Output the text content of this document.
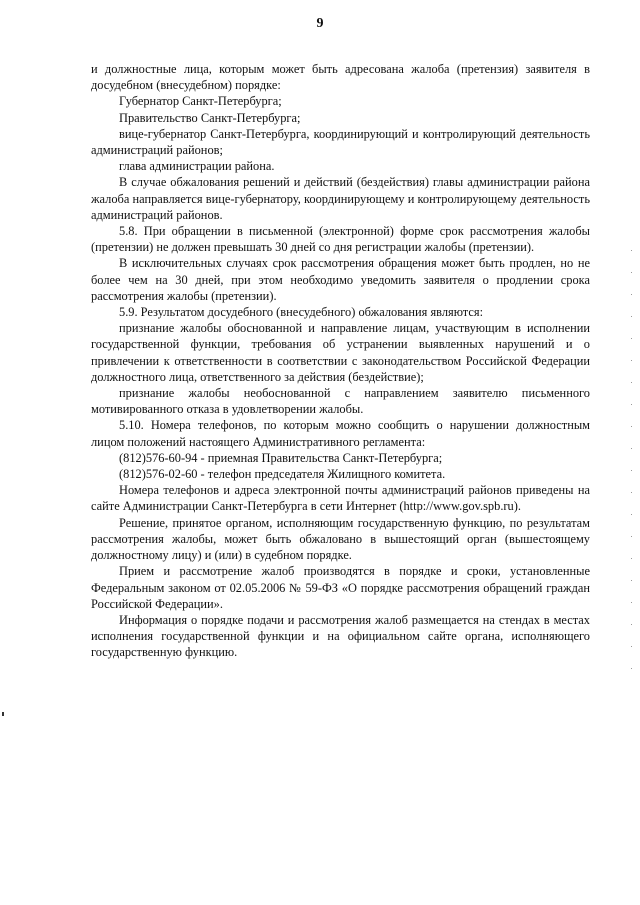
9

и должностные лица, которым может быть адресована жалоба (претензия) заявителя в досудебном (внесудебном) порядке:

Губернатор Санкт-Петербурга;

Правительство Санкт-Петербурга;

вице-губернатор Санкт-Петербурга, координирующий и контролирующий деятельность администраций районов;

глава администрации района.

В случае обжалования решений и действий (бездействия) главы администрации района жалоба направляется вице-губернатору, координирующему и контролирующему деятельность администраций районов.

5.8. При обращении в письменной (электронной) форме срок рассмотрения жалобы (претензии) не должен превышать 30 дней со дня регистрации жалобы (претензии).

В исключительных случаях срок рассмотрения обращения может быть продлен, но не более чем на 30 дней, при этом необходимо уведомить заявителя о продлении срока рассмотрения жалобы (претензии).

5.9. Результатом досудебного (внесудебного) обжалования являются:

признание жалобы обоснованной и направление лицам, участвующим в исполнении государственной функции, требования об устранении выявленных нарушений и о привлечении к ответственности в соответствии с законодательством Российской Федерации должностного лица, ответственного за действия (бездействие);

признание жалобы необоснованной с направлением заявителю письменного мотивированного отказа в удовлетворении жалобы.

5.10. Номера телефонов, по которым можно сообщить о нарушении должностным лицом положений настоящего Административного регламента:

(812)576-60-94 - приемная Правительства Санкт-Петербурга;

(812)576-02-60 - телефон председателя Жилищного комитета.

Номера телефонов и адреса электронной почты администраций районов приведены на сайте Администрации Санкт-Петербурга в сети Интернет (http://www.gov.spb.ru).

Решение, принятое органом, исполняющим государственную функцию, по результатам рассмотрения жалобы, может быть обжаловано в вышестоящий орган (вышестоящему должностному лицу) и (или) в судебном порядке.

Прием и рассмотрение жалоб производятся в порядке и сроки, установленные Федеральным законом от 02.05.2006 № 59-ФЗ «О порядке рассмотрения обращений граждан Российской Федерации».

Информация о порядке подачи и рассмотрения жалоб размещается на стендах в местах исполнения государственной функции и на официальном сайте органа, исполняющего государственную функцию.
